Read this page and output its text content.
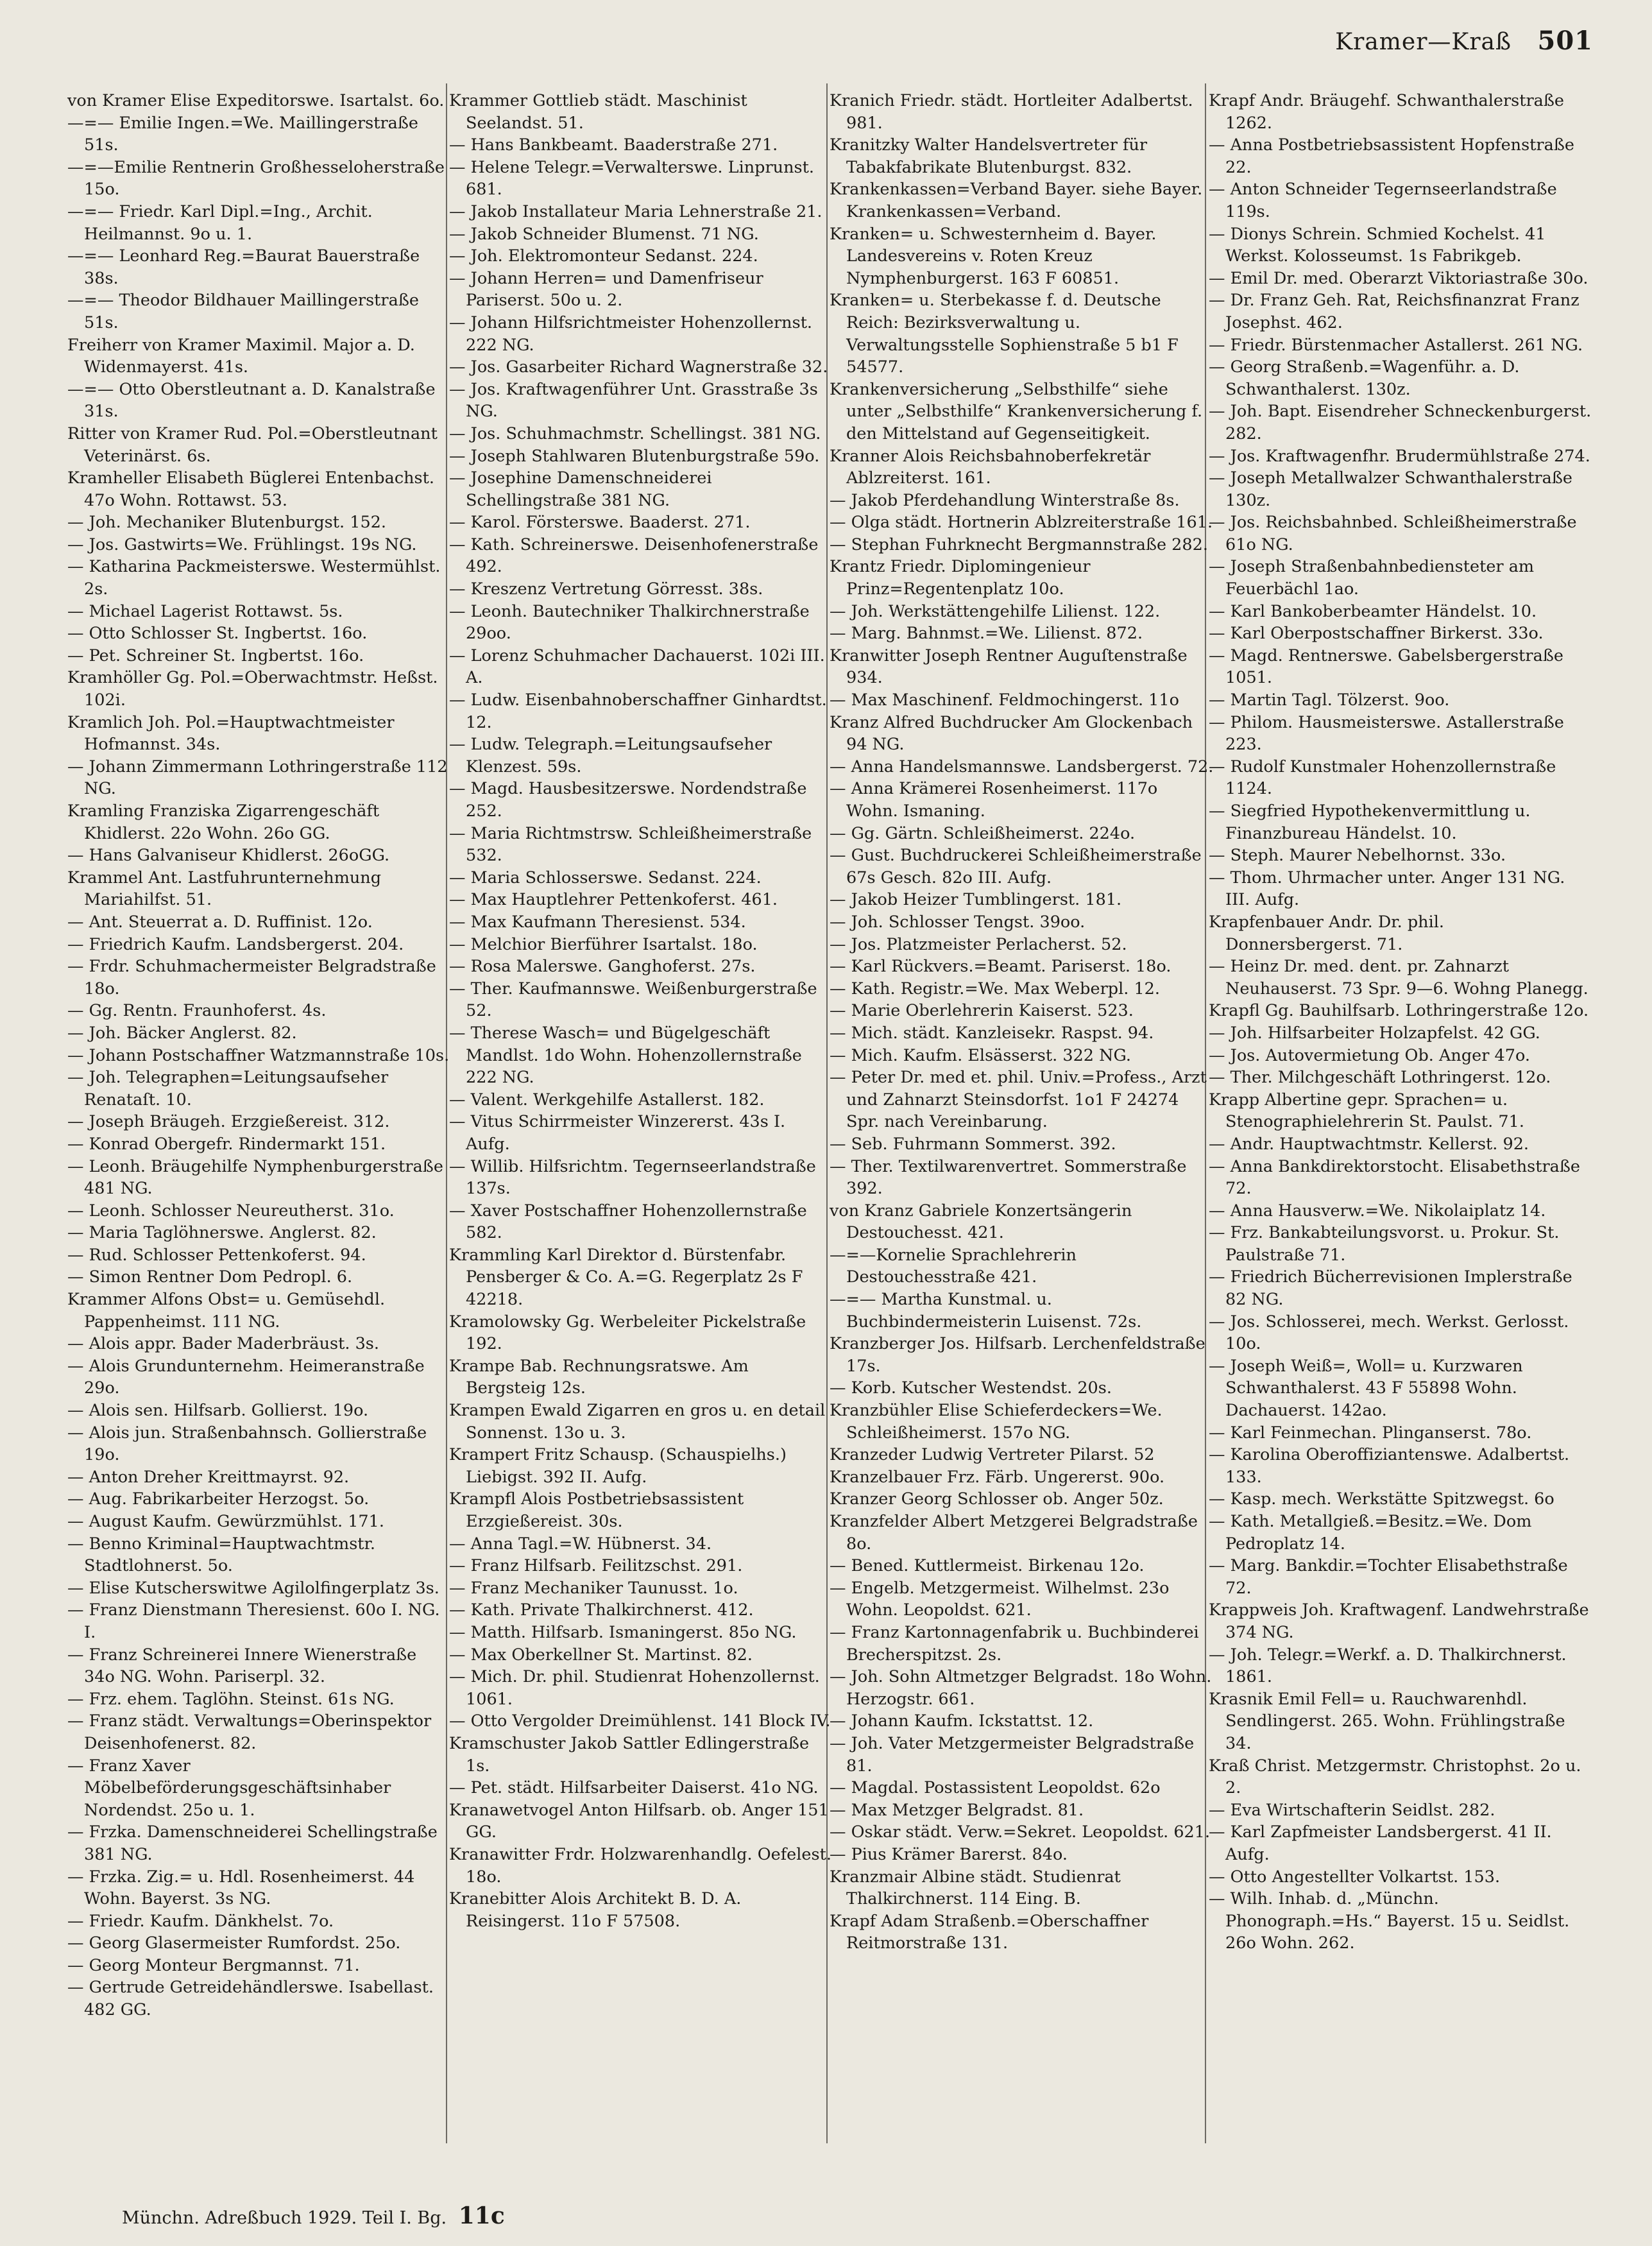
Kramer—Kraß 501
von Kramer Elise Expeditorswe. Isartalst. 6o.
—=— Emilie Ingen.=We. Maillingerstraße 51s.
—=—Emilie Rentnerin Großhesseloherstraße 15o.
—=— Friedr. Karl Dipl.=Ing., Archit. Heilmannst. 9o u. 1.
—=— Leonhard Reg.=Baurat Bauerstraße 38s.
—=— Theodor Bildhauer Maillingerstraße 51s.
Freiherr von Kramer Maximil. Major a. D. Widenmayerst. 41s.
—=— Otto Oberstleutnant a. D. Kanalstraße 31s.
Ritter von Kramer Rud. Pol.=Oberstleutnant Veterinärst. 6s.
Kramheller Elisabeth Büglerei Entenbachst. 47o Wohn. Rottawst. 53.
— Joh. Mechaniker Blutenburgst. 152.
— Jos. Gastwirts=We. Frühlingst. 19s NG.
— Katharina Packmeisterswe. Westermühlst. 2s.
— Michael Lagerist Rottawst. 5s.
— Otto Schlosser St. Ingbertst. 16o.
— Pet. Schreiner St. Ingbertst. 16o.
Kramhöller Gg. Pol.=Oberwachtmstr. Heßst. 102i.
Kramlich Joh. Pol.=Hauptwachtmeister Hofmannst. 34s.
— Johann Zimmermann Lothringerstraße 112 NG.
Kramling Franziska Zigarrengeschäft Khidlerst. 22o Wohn. 26o GG.
— Hans Galvaniseur Khidlerst. 26oGG.
Krammel Ant. Lastfuhrunternehmung Mariahilfst. 51.
— Ant. Steuerrat a. D. Ruffinist. 12o.
— Friedrich Kaufm. Landsbergerst. 204.
— Frdr. Schuhmachermeister Belgradstraße 18o.
— Gg. Rentn. Fraunhoferst. 4s.
— Joh. Bäcker Anglerst. 82.
— Johann Postschaffner Watzmannstraße 10s.
— Joh. Telegraphen=Leitungsaufseher Renataſt. 10.
— Joseph Bräugeh. Erzgießereist. 312.
— Konrad Obergefr. Rindermarkt 151.
— Leonh. Bräugehilfe Nymphenburgerstraße 481 NG.
— Leonh. Schlosser Neureutherst. 31o.
— Maria Taglöhnerswe. Anglerst. 82.
— Rud. Schlosser Pettenkoferst. 94.
— Simon Rentner Dom Pedropl. 6.
Krammer Alfons Obst= u. Gemüsehdl. Pappenheimst. 111 NG.
— Alois appr. Bader Maderbräust. 3s.
— Alois Grundunternehm. Heimeranstraße 29o.
— Alois sen. Hilfsarb. Gollierst. 19o.
— Alois jun. Straßenbahnsch. Gollierstraße 19o.
— Anton Dreher Kreittmayrst. 92.
— Aug. Fabrikarbeiter Herzogst. 5o.
— August Kaufm. Gewürzmühlst. 171.
— Benno Kriminal=Hauptwachtmstr. Stadtlohnerst. 5o.
— Elise Kutscherswitwe Agilolfingerplatz 3s.
— Franz Dienstmann Theresienst. 60o I. NG. I.
— Franz Schreinerei Innere Wienerstraße 34o NG. Wohn. Pariserpl. 32.
— Frz. ehem. Taglöhn. Steinst. 61s NG.
— Franz städt. Verwaltungs=Oberinspektor Deisenhofenerst. 82.
— Franz Xaver Möbelbeförderungsgeschäftsinhaber Nordendst. 25o u. 1.
— Frzka. Damenschneiderei Schellingstraße 381 NG.
— Frzka. Zig.= u. Hdl. Rosenheimerst. 44 Wohn. Bayerst. 3s NG.
— Friedr. Kaufm. Dänkhelst. 7o.
— Georg Glasermeister Rumfordst. 25o.
— Georg Monteur Bergmannst. 71.
— Gertrude Getreidehändlerswe. Isabellast. 482 GG.
Krammer Gottlieb städt. Maschinist Seelandst. 51.
— Hans Bankbeamt. Baaderstraße 271.
— Helene Telegr.=Verwalterswe. Linprunst. 681.
— Jakob Installateur Maria Lehnerstraße 21.
— Jakob Schneider Blumenst. 71 NG.
— Joh. Elektromonteur Sedanst. 224.
— Johann Herren= und Damenfriseur Pariserst. 50o u. 2.
— Johann Hilfsrichtmeister Hohenzollernst. 222 NG.
— Jos. Gasarbeiter Richard Wagnerstraße 32.
— Jos. Kraftwagenführer Unt. Grasstraße 3s NG.
— Jos. Schuhmachmstr. Schellingst. 381 NG.
— Joseph Stahlwaren Blutenburgstraße 59o.
— Josephine Damenschneiderei Schellingstraße 381 NG.
— Karol. Försterswe. Baaderst. 271.
— Kath. Schreinerswe. Deisenhofenerstraße 492.
— Kreszenz Vertretung Görresst. 38s.
— Leonh. Bautechniker Thalkirchnerstraße 29oo.
— Lorenz Schuhmacher Dachauerst. 102i III. A.
— Ludw. Eisenbahnoberschaffner Ginhardtst. 12.
— Ludw. Telegraph.=Leitungsaufseher Klenzest. 59s.
— Magd. Hausbesitzerswe. Nordendstraße 252.
— Maria Richtmstrsw. Schleißheimerstraße 532.
— Maria Schlosserswe. Sedanst. 224.
— Max Hauptlehrer Pettenkoferst. 461.
— Max Kaufmann Theresienst. 534.
— Melchior Bierführer Isartalst. 18o.
— Rosa Malerswe. Ganghoferst. 27s.
— Ther. Kaufmannswe. Weißenburgerstraße 52.
— Therese Wasch= und Bügelgeschäft Mandlst. 1do Wohn. Hohenzollernstraße 222 NG.
— Valent. Werkgehilfe Astallerst. 182.
— Vitus Schirrmeister Winzererst. 43s I. Aufg.
— Willib. Hilfsrichtm. Tegernseerlandstraße 137s.
— Xaver Postschaffner Hohenzollernstraße 582.
Krammling Karl Direktor d. Bürstenfabr. Pensberger & Co. A.=G. Regerplatz 2s F 42218.
Kramolowsky Gg. Werbeleiter Pickelstraße 192.
Krampe Bab. Rechnungsratswe. Am Bergsteig 12s.
Krampen Ewald Zigarren en gros u. en detail Sonnenst. 13o u. 3.
Krampert Fritz Schausp. (Schauspielhs.) Liebigst. 392 II. Aufg.
Krampfl Alois Postbetriebsassistent Erzgießereist. 30s.
— Anna Tagl.=W. Hübnerst. 34.
— Franz Hilfsarb. Feilitzschst. 291.
— Franz Mechaniker Taunusst. 1o.
— Kath. Private Thalkirchnerst. 412.
— Matth. Hilfsarb. Ismaningerst. 85o NG.
— Max Oberkellner St. Martinst. 82.
— Mich. Dr. phil. Studienrat Hohenzollernst. 1061.
— Otto Vergolder Dreimühlenst. 141 Block IV.
Kramschuster Jakob Sattler Edlingerstraße 1s.
— Pet. städt. Hilfsarbeiter Daiserst. 41o NG.
Kranawetvogel Anton Hilfsarb. ob. Anger 151 GG.
Kranawitter Frdr. Holzwarenhandlg. Oefelest. 18o.
Kranebitter Alois Architekt B. D. A. Reisingerst. 11o F 57508.
Kranich Friedr. städt. Hortleiter Adalbertst. 981.
Kranitzky Walter Handelsvertreter für Tabakfabrikate Blutenburgst. 832.
Krankenkassen=Verband Bayer. siehe Bayer. Krankenkassen=Verband.
Kranken= u. Schwesternheim d. Bayer. Landesvereins v. Roten Kreuz Nymphenburgerst. 163 F 60851.
Kranken= u. Sterbekasse f. d. Deutsche Reich: Bezirksverwaltung u. Verwaltungsstelle Sophienstraße 5 b1 F 54577.
Krankenversicherung „Selbsthilfe“ siehe unter „Selbsthilfe“ Krankenversicherung f. den Mittelstand auf Gegenseitigkeit.
Kranner Alois Reichsbahnoberfekretär Ablzreiterst. 161.
— Jakob Pferdehandlung Winterstraße 8s.
— Olga städt. Hortnerin Ablzreiterstraße 161.
— Stephan Fuhrknecht Bergmannstraße 282.
Krantz Friedr. Diplomingenieur Prinz=Regentenplatz 10o.
— Joh. Werkstättengehilfe Lilienst. 122.
— Marg. Bahnmst.=We. Lilienst. 872.
Kranwitter Joseph Rentner Auguſtenstraße 934.
— Max Maschinenf. Feldmochingerst. 11o
Kranz Alfred Buchdrucker Am Glockenbach 94 NG.
— Anna Handelsmannswe. Landsbergerst. 72.
— Anna Krämerei Rosenheimerst. 117o Wohn. Ismaning.
— Gg. Gärtn. Schleißheimerst. 224o.
— Gust. Buchdruckerei Schleißheimerstraße 67s Gesch. 82o III. Aufg.
— Jakob Heizer Tumblingerst. 181.
— Joh. Schlosser Tengst. 39oo.
— Jos. Platzmeister Perlacherst. 52.
— Karl Rückvers.=Beamt. Pariserst. 18o.
— Kath. Registr.=We. Max Weberpl. 12.
— Marie Oberlehrerin Kaiserst. 523.
— Mich. städt. Kanzleisekr. Raspst. 94.
— Mich. Kaufm. Elsässerst. 322 NG.
— Peter Dr. med et. phil. Univ.=Profess., Arzt und Zahnarzt Steinsdorfst. 1o1 F 24274 Spr. nach Vereinbarung.
— Seb. Fuhrmann Sommerst. 392.
— Ther. Textilwarenvertret. Sommerstraße 392.
von Kranz Gabriele Konzertsängerin Destouchesst. 421.
—=—Kornelie Sprachlehrerin Destouchesstraße 421.
—=— Martha Kunstmal. u. Buchbindermeisterin Luisenst. 72s.
Kranzberger Jos. Hilfsarb. Lerchenfeldstraße 17s.
— Korb. Kutscher Westendst. 20s.
Kranzbühler Elise Schieferdeckers=We. Schleißheimerst. 157o NG.
Kranzeder Ludwig Vertreter Pilarst. 52
Kranzelbauer Frz. Färb. Ungererst. 90o.
Kranzer Georg Schlosser ob. Anger 50z.
Kranzfelder Albert Metzgerei Belgradstraße 8o.
— Bened. Kuttlermeist. Birkenau 12o.
— Engelb. Metzgermeist. Wilhelmst. 23o Wohn. Leopoldst. 621.
— Franz Kartonnagenfabrik u. Buchbinderei Brecherspitzst. 2s.
— Joh. Sohn Altmetzger Belgradst. 18o Wohn. Herzogstr. 661.
— Johann Kaufm. Ickstattst. 12.
— Joh. Vater Metzgermeister Belgradstraße 81.
— Magdal. Postassistent Leopoldst. 62o
— Max Metzger Belgradst. 81.
— Oskar städt. Verw.=Sekret. Leopoldst. 621.
— Pius Krämer Barerst. 84o.
Kranzmair Albine städt. Studienrat Thalkirchnerst. 114 Eing. B.
Krapf Adam Straßenb.=Oberschaffner Reitmorstraße 131.
Krapf Andr. Bräugehf. Schwanthalerstraße 1262.
— Anna Postbetriebsassistent Hopfenstraße 22.
— Anton Schneider Tegernseerlandstraße 119s.
— Dionys Schrein. Schmied Kochelst. 41 Werkst. Kolosseumst. 1s Fabrikgeb.
— Emil Dr. med. Oberarzt Viktoriastraße 30o.
— Dr. Franz Geh. Rat, Reichsfinanzrat Franz Josephst. 462.
— Friedr. Bürstenmacher Astallerst. 261 NG.
— Georg Straßenb.=Wagenführ. a. D. Schwanthalerst. 130z.
— Joh. Bapt. Eisendreher Schneckenburgerst. 282.
— Jos. Kraftwagenfhr. Brudermühlstraße 274.
— Joseph Metallwalzer Schwanthalerstraße 130z.
— Jos. Reichsbahnbed. Schleißheimerstraße 61o NG.
— Joseph Straßenbahnbediensteter am Feuerbächl 1ao.
— Karl Bankoberbeamter Händelst. 10.
— Karl Oberpostschaffner Birkerst. 33o.
— Magd. Rentnerswe. Gabelsbergerstraße 1051.
— Martin Tagl. Tölzerst. 9oo.
— Philom. Hausmeisterswe. Astallerstraße 223.
— Rudolf Kunstmaler Hohenzollernstraße 1124.
— Siegfried Hypothekenvermittlung u. Finanzbureau Händelst. 10.
— Steph. Maurer Nebelhornst. 33o.
— Thom. Uhrmacher unter. Anger 131 NG. III. Aufg.
Krapfenbauer Andr. Dr. phil. Donnersbergerst. 71.
— Heinz Dr. med. dent. pr. Zahnarzt Neuhauserst. 73 Spr. 9—6. Wohng Planegg.
Krapfl Gg. Bauhilfsarb. Lothringerstraße 12o.
— Joh. Hilfsarbeiter Holzapfelst. 42 GG.
— Jos. Autovermietung Ob. Anger 47o.
— Ther. Milchgeschäft Lothringerst. 12o.
Krapp Albertine gepr. Sprachen= u. Stenographielehrerin St. Paulst. 71.
— Andr. Hauptwachtmstr. Kellerst. 92.
— Anna Bankdirektorstocht. Elisabethstraße 72.
— Anna Hausverw.=We. Nikolaiplatz 14.
— Frz. Bankabteilungsvorst. u. Prokur. St. Paulstraße 71.
— Friedrich Bücherrevisionen Implerstraße 82 NG.
— Jos. Schlosserei, mech. Werkst. Gerlosst. 10o.
— Joseph Weiß=, Woll= u. Kurzwaren Schwanthalerst. 43 F 55898 Wohn. Dachauerst. 142ao.
— Karl Feinmechan. Plinganserst. 78o.
— Karolina Oberoffiziantenswe. Adalbertst. 133.
— Kasp. mech. Werkstätte Spitzwegst. 6o
— Kath. Metallgieß.=Besitz.=We. Dom Pedroplatz 14.
— Marg. Bankdir.=Tochter Elisabethstraße 72.
Krappweis Joh. Kraftwagenf. Landwehrstraße 374 NG.
— Joh. Telegr.=Werkf. a. D. Thalkirchnerst. 1861.
Krasnik Emil Fell= u. Rauchwarenhdl. Sendlingerst. 265. Wohn. Frühlingstraße 34.
Kraß Christ. Metzgermstr. Christophst. 2o u. 2.
— Eva Wirtschafterin Seidlst. 282.
— Karl Zapfmeister Landsbergerst. 41 II. Aufg.
— Otto Angestellter Volkartst. 153.
— Wilh. Inhab. d. „Münchn. Phonograph.=Hs.“ Bayerst. 15 u. Seidlst. 26o Wohn. 262.
Münchn. Adreßbuch 1929. Teil I. Bg. 11c
